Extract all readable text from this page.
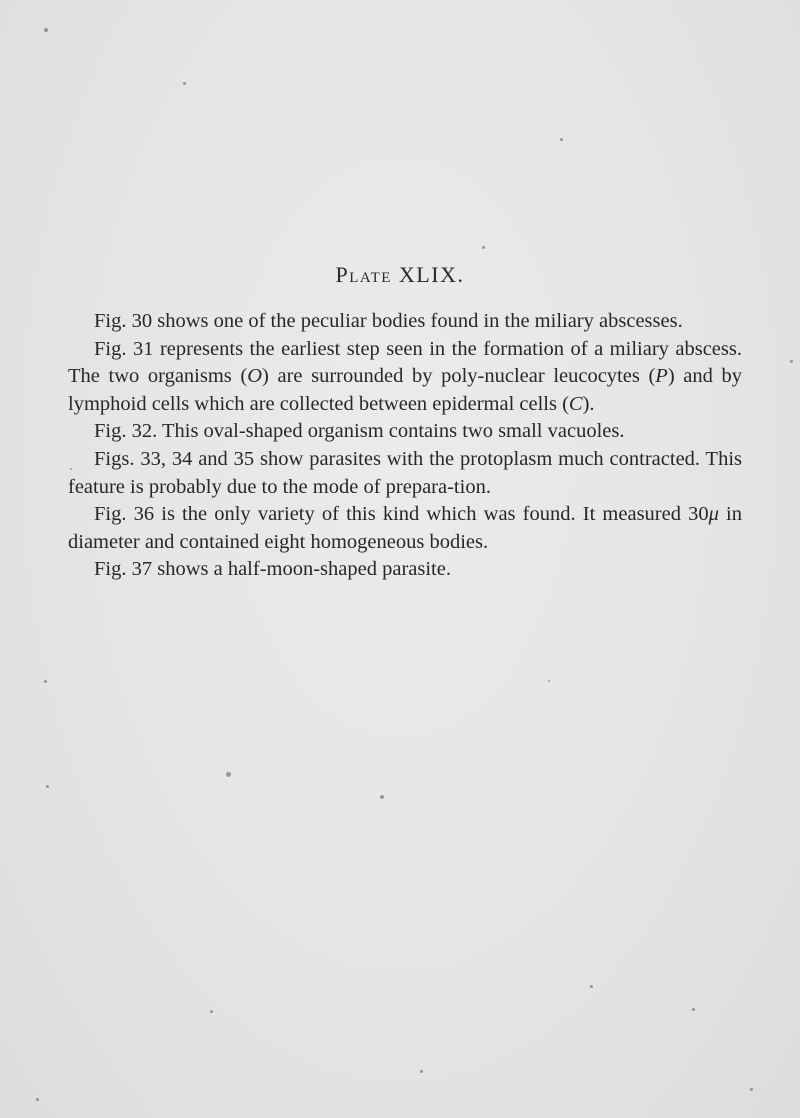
Plate XLIX.

Fig. 30 shows one of the peculiar bodies found in the miliary abscesses.

Fig. 31 represents the earliest step seen in the formation of a miliary abscess. The two organisms (O) are surrounded by poly-nuclear leucocytes (P) and by lymphoid cells which are collected between epidermal cells (C).

Fig. 32. This oval-shaped organism contains two small vacuoles.

Figs. 33, 34 and 35 show parasites with the protoplasm much contracted. This feature is probably due to the mode of prepara-tion.

Fig. 36 is the only variety of this kind which was found. It measured 30μ in diameter and contained eight homogeneous bodies.

Fig. 37 shows a half-moon-shaped parasite.
